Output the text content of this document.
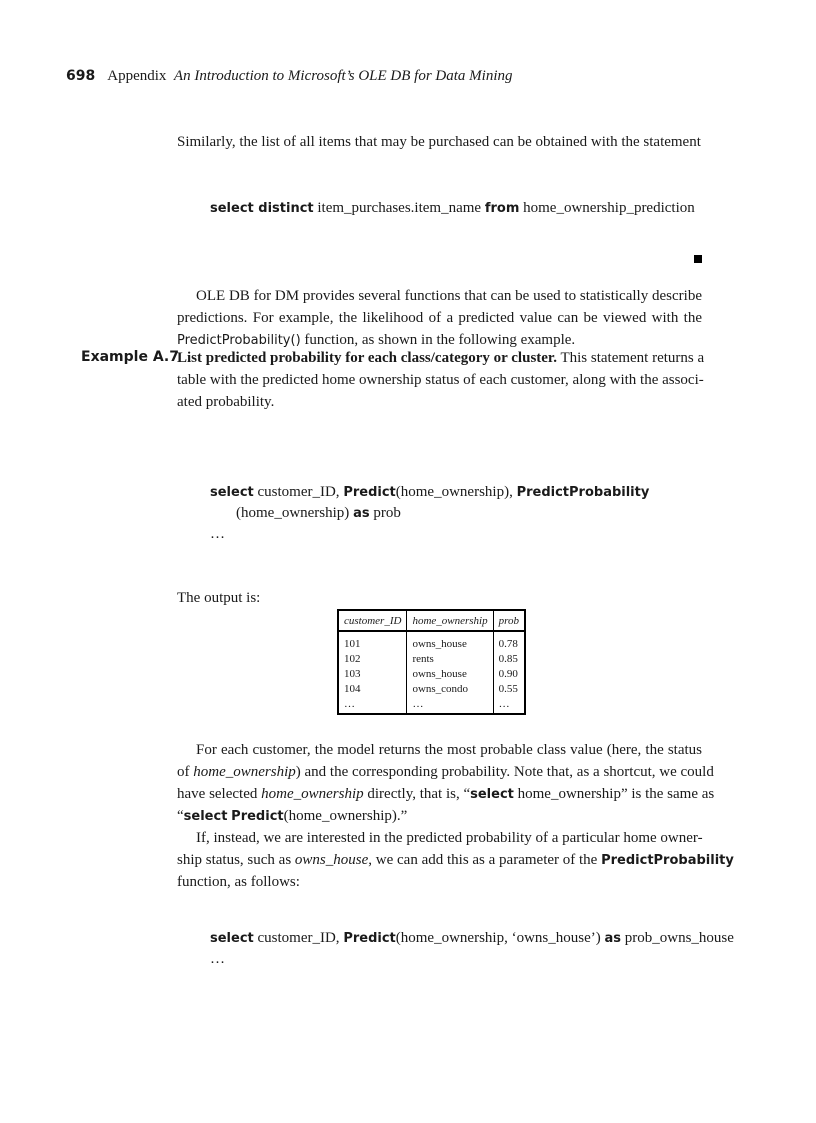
698 Appendix An Introduction to Microsoft’s OLE DB for Data Mining
Similarly, the list of all items that may be purchased can be obtained with the statement
select distinct item_purchases.item_name from home_ownership_prediction
OLE DB for DM provides several functions that can be used to statistically describe
predictions. For example, the likelihood of a predicted value can be viewed with the
PredictProbability() function, as shown in the following example.
Example A.7
List predicted probability for each class/category or cluster. This statement returns a
table with the predicted home ownership status of each customer, along with the associ-
ated probability.
select customer_ID, Predict(home_ownership), PredictProbability
(home_ownership) as prob
…
The output is:
customer_ID	home_ownership	prob
101	owns_house	0.78
102	rents	0.85
103	owns_house	0.90
104	owns_condo	0.55
…	…	…
For each customer, the model returns the most probable class value (here, the status
of home_ownership) and the corresponding probability. Note that, as a shortcut, we could
have selected home_ownership directly, that is, “select home_ownership” is the same as
“select Predict(home_ownership).”
If, instead, we are interested in the predicted probability of a particular home owner-
ship status, such as owns_house, we can add this as a parameter of the PredictProbability
function, as follows:
select customer_ID, Predict(home_ownership, ‘owns_house’) as prob_owns_house
…
